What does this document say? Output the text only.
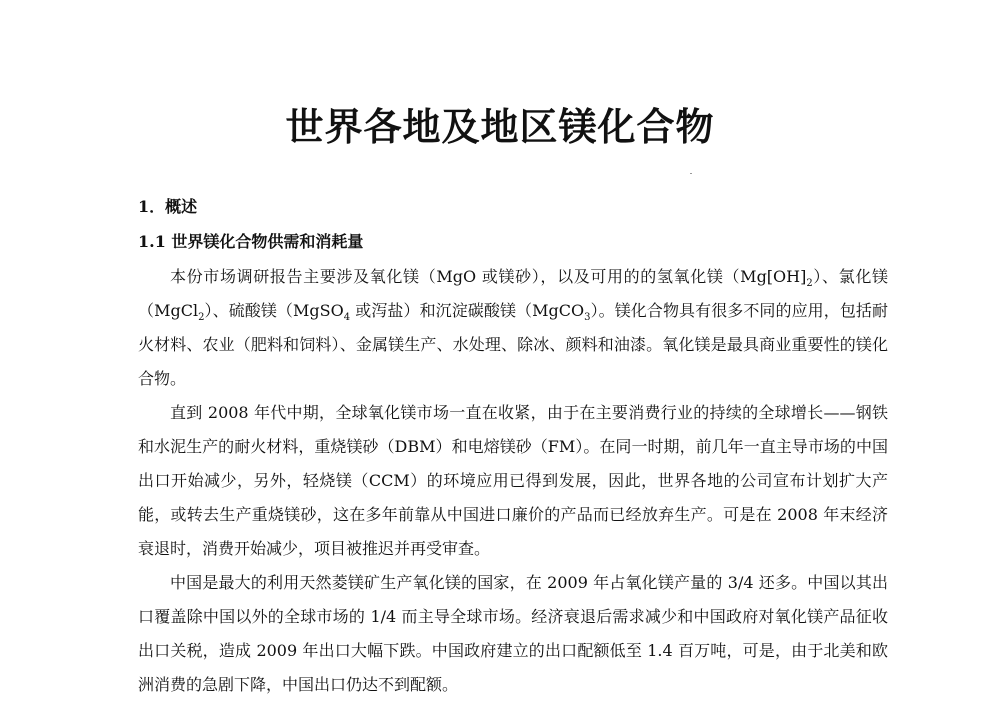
世界各地及地区镁化合物
1．概述
1.1 世界镁化合物供需和消耗量

本份市场调研报告主要涉及氧化镁（MgO 或镁砂），以及可用的的氢氧化镁$(Mg[OH]_2)$、氯化镁（MgCl$_2$）、硫酸镁（MgSO$_4$ 或泻盐）和沉淀碳酸镁（MgCO$_3$）。镁化合物具有很多不同的应用，包括耐火材料、农业（肥料和饲料）、金属镁生产、水处理、除冰、颜料和油漆。氧化镁是最具商业重要性的镁化合物。

直到 2008 年代中期，全球氧化镁市场一直在收紧，由于在主要消费行业的持续的全球增长——钢铁和水泥生产的耐火材料，重烧镁砂（DBM）和电熔镁砂（FM）。在同一时期，前几年一直主导市场的中国出口开始减少，另外，轻烧镁（CCM）的环境应用已得到发展，因此，世界各地的公司宣布计划扩大产能，或转去生产重烧镁砂，这在多年前靠从中国进口廉价的产品而已经放弃生产。可是在 2008 年末经济衰退时，消费开始减少，项目被推迟并再受审查。

中国是最大的利用天然菱镁矿生产氧化镁的国家，在 2009 年占氧化镁产量的 3/4 还多。中国以其出口覆盖除中国以外的全球市场的 1/4 而主导全球市场。经济衰退后需求减少和中国政府对氧化镁产品征收出口关税，造成 2009 年出口大幅下跌。中国政府建立的出口配额低至 1.4 百万吨，可是，由于北美和欧洲消费的急剧下降，中国出口仍达不到配额。
